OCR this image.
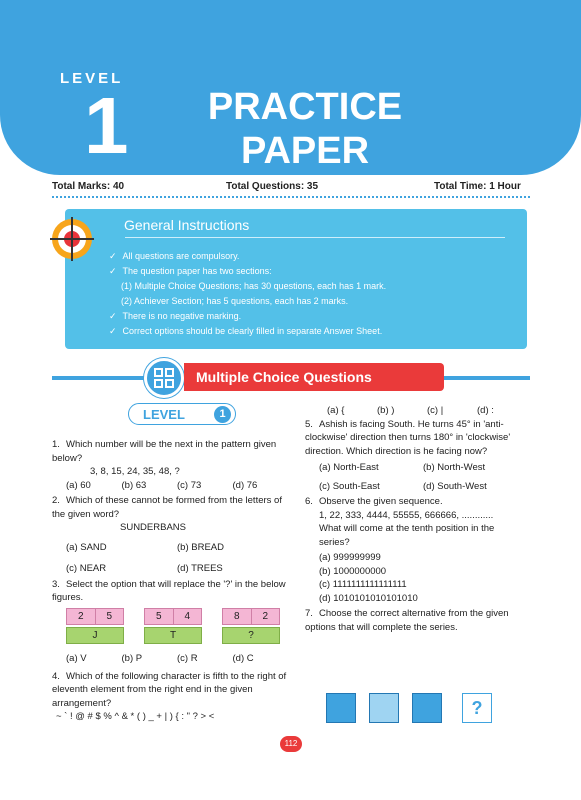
LEVEL
1	PRACTICE
PAPER
Total Marks: 40	Total Questions: 35	Total Time: 1 Hour
General Instructions
✓ All questions are compulsory.
✓ The question paper has two sections:
(1) Multiple Choice Questions; has 30 questions, each has 1 mark.
(2) Achiever Section; has 5 questions, each has 2 marks.
✓ There is no negative marking.
✓ Correct options should be clearly filled in separate Answer Sheet.
Multiple Choice Questions
LEVEL	1
1. Which number will be the next in the pattern given below?
3, 8, 15, 24, 35, 48, ?
(a) 60	(b) 63	(c) 73	(d) 76
2. Which of these cannot be formed from the letters of the given word?
SUNDERBANS
(a) SAND	(b) BREAD
(c) NEAR	(d) TREES
3. Select the option that will replace the '?' in the below figures.
2	5
J
5	4
T
8	2
?
(a) V	(b) P	(c) R	(d) C
4. Which of the following character is fifth to the right of eleventh element from the right end in the given arrangement?
~ ` ! @ # $ % ^ & * ( ) _ + | ) { : " ? > <
(a) {	(b) )	(c) |	(d) :
5. Ashish is facing South. He turns 45° in 'anti-clockwise' direction then turns 180° in 'clockwise' direction. Which direction is he facing now?
(a) North-East	(b) North-West
(c) South-East	(d) South-West
6. Observe the given sequence.
1, 22, 333, 4444, 55555, 666666, ............
What will come at the tenth position in the series?
(a) 999999999
(b) 1000000000
(c) 1111111111111111
(d) 1010101010101010
7. Choose the correct alternative from the given options that will complete the series.
?
112
